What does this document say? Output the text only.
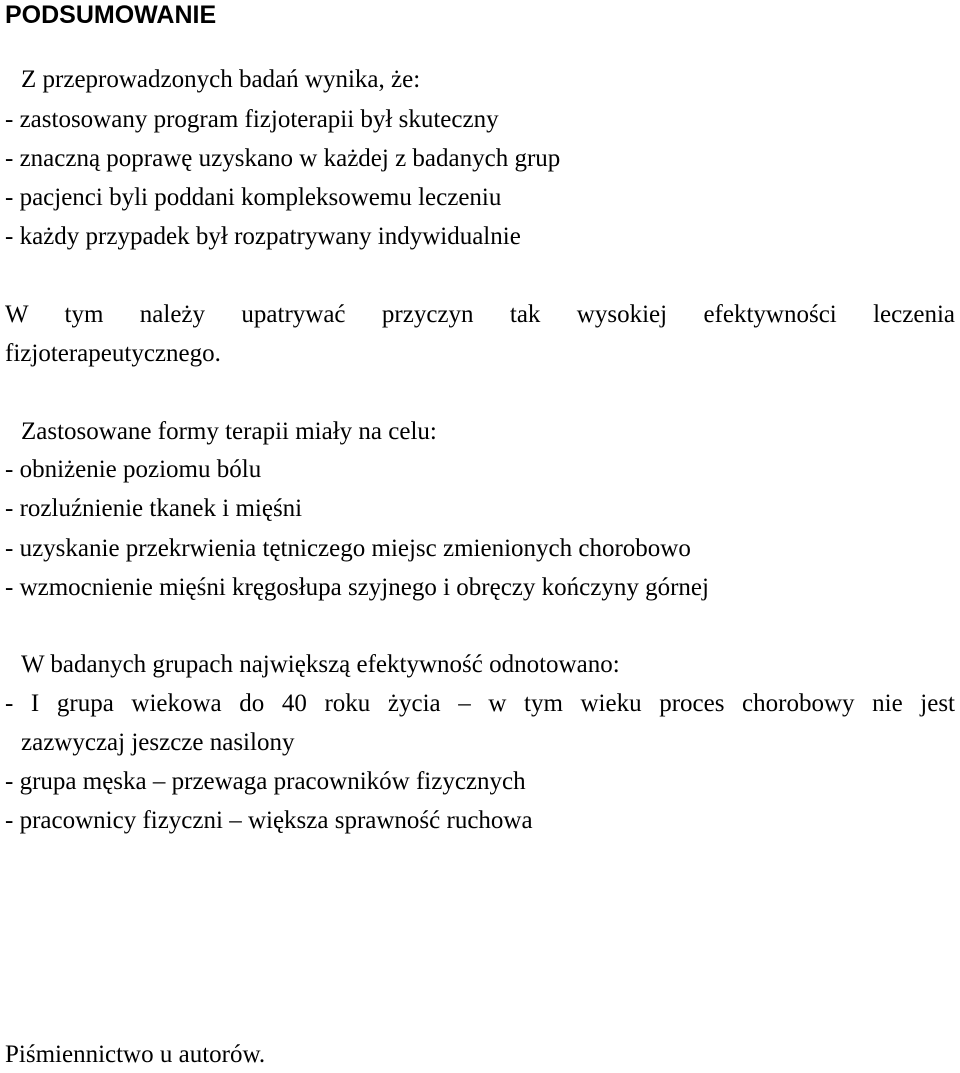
PODSUMOWANIE
Z przeprowadzonych badań wynika, że:
- zastosowany program fizjoterapii był skuteczny
- znaczną poprawę uzyskano w każdej z badanych grup
- pacjenci byli poddani kompleksowemu leczeniu
- każdy przypadek był rozpatrywany indywidualnie
W tym należy upatrywać przyczyn tak wysokiej efektywności leczenia
fizjoterapeutycznego.
Zastosowane formy terapii miały na celu:
- obniżenie poziomu bólu
- rozluźnienie tkanek i mięśni
- uzyskanie przekrwienia tętniczego miejsc zmienionych chorobowo
- wzmocnienie mięśni kręgosłupa szyjnego i obręczy kończyny górnej
W badanych grupach największą efektywność odnotowano:
- I grupa wiekowa do 40 roku życia – w tym wieku proces chorobowy nie jest
zazwyczaj jeszcze nasilony
- grupa męska – przewaga pracowników fizycznych
- pracownicy fizyczni – większa sprawność ruchowa
Piśmiennictwo u autorów.
